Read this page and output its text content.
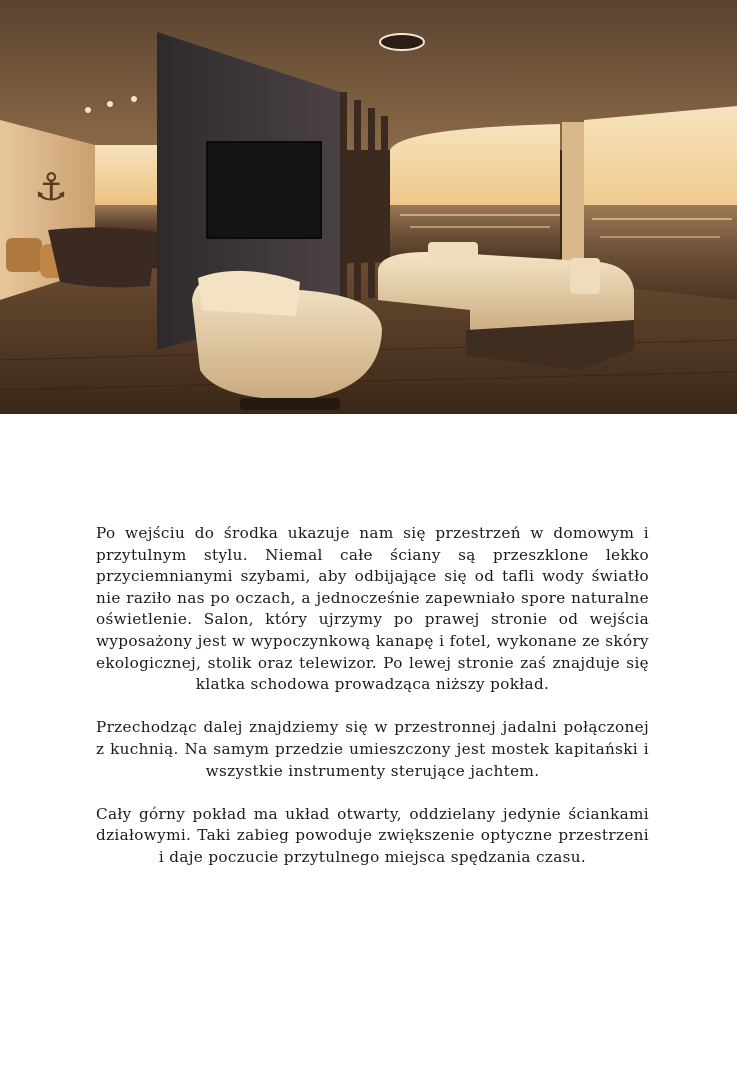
⚓

Po wejściu do środka ukazuje nam się przestrzeń w domowym i przytulnym stylu. Niemal całe ściany są przeszklone lekko przyciemnianymi szybami, aby odbijające się od tafli wody światło nie raziło nas po oczach, a jednocześnie zapewniało spore naturalne oświetlenie. Salon, który ujrzymy po prawej stronie od wejścia wyposażony jest w wypoczynkową kanapę i fotel, wykonane ze skóry ekologicznej, stolik oraz telewizor. Po lewej stronie zaś znajduje się klatka schodowa prowadząca niższy pokład.

Przechodząc dalej znajdziemy się w przestronnej jadalni połączonej z kuchnią. Na samym przedzie umieszczony jest mostek kapitański i wszystkie instrumenty sterujące jachtem.

Cały górny pokład ma układ otwarty, oddzielany jedynie ściankami działowymi. Taki zabieg powoduje zwiększenie optyczne przestrzeni i daje poczucie przytulnego miejsca spędzania czasu.
